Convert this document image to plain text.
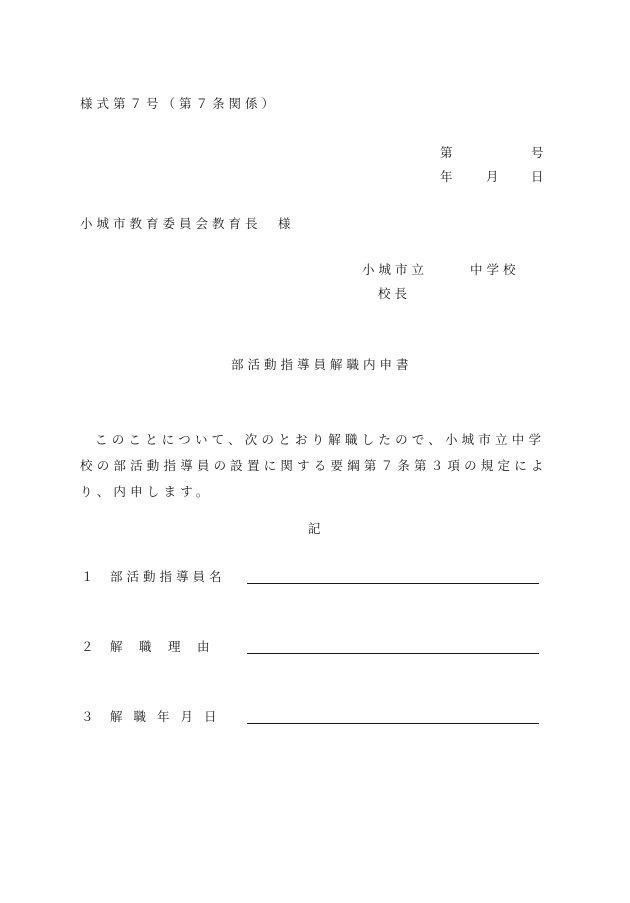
様式第７号（第７条関係）
第	号
年	月	日
小城市教育委員会教育長　様
小城市立	中学校
校長
部活動指導員解職内申書
このことについて、次のとおり解職したので、小城市立中学校の部活動指導員の設置に関する要綱第７条第３項の規定により、内申します。
記
１ 部活動指導員名
２ 解　職　理　由
３ 解職年月日
